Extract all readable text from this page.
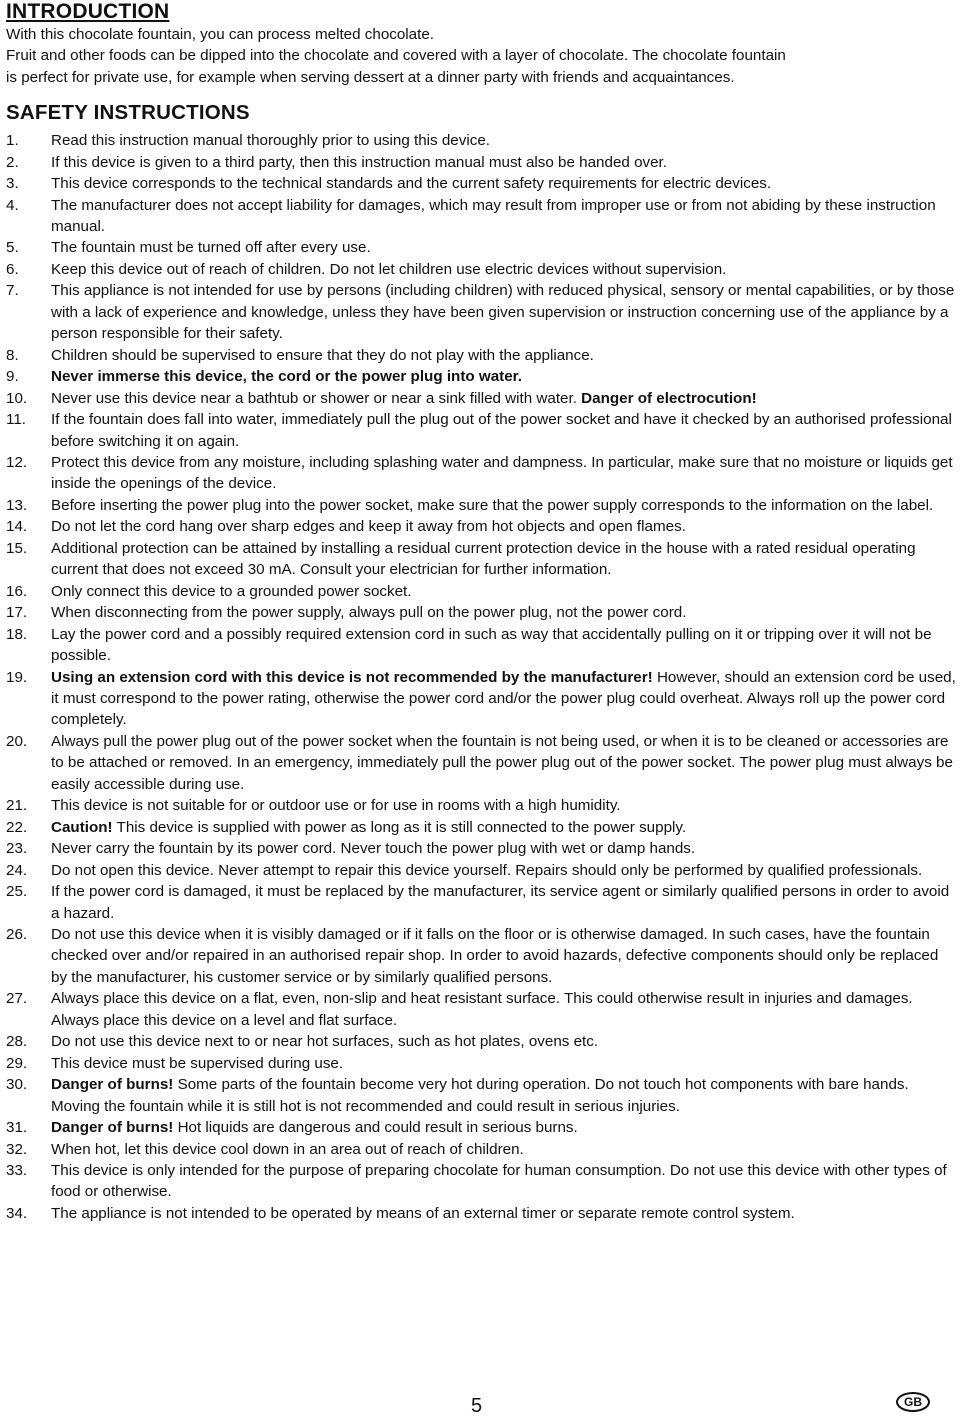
INTRODUCTION

With this chocolate fountain, you can process melted chocolate.

Fruit and other foods can be dipped into the chocolate and covered with a layer of chocolate. The chocolate fountain

is perfect for private use, for example when serving dessert at a dinner party with friends and acquaintances.

SAFETY INSTRUCTIONS
1.	Read this instruction manual thoroughly prior to using this device.
2.	If this device is given to a third party, then this instruction manual must also be handed over.
3.	This device corresponds to the technical standards and the current safety requirements for electric devices.
4.	The manufacturer does not accept liability for damages, which may result from improper use or from not abiding by these instruction manual.
5.	The fountain must be turned off after every use.
6.	Keep this device out of reach of children. Do not let children use electric devices without supervision.
7.	This appliance is not intended for use by persons (including children) with reduced physical, sensory or mental capabilities, or by those with a lack of experience and knowledge, unless they have been given supervision or instruction concerning use of the appliance by a person responsible for their safety.
8.	Children should be supervised to ensure that they do not play with the appliance.
9.	Never immerse this device, the cord or the power plug into water.
10.	Never use this device near a bathtub or shower or near a sink filled with water. Danger of electrocution!
11.	If the fountain does fall into water, immediately pull the plug out of the power socket and have it checked by an authorised professional before switching it on again.
12.	Protect this device from any moisture, including splashing water and dampness. In particular, make sure that no moisture or liquids get inside the openings of the device.
13.	Before inserting the power plug into the power socket, make sure that the power supply corresponds to the information on the label.
14.	Do not let the cord hang over sharp edges and keep it away from hot objects and open flames.
15.	Additional protection can be attained by installing a residual current protection device in the house with a rated residual operating current that does not exceed 30 mA. Consult your electrician for further information.
16.	Only connect this device to a grounded power socket.
17.	When disconnecting from the power supply, always pull on the power plug, not the power cord.
18.	Lay the power cord and a possibly required extension cord in such as way that accidentally pulling on it or tripping over it will not be possible.
19.	Using an extension cord with this device is not recommended by the manufacturer! However, should an extension cord be used, it must correspond to the power rating, otherwise the power cord and/or the power plug could overheat. Always roll up the power cord completely.
20.	Always pull the power plug out of the power socket when the fountain is not being used, or when it is to be cleaned or accessories are to be attached or removed. In an emergency, immediately pull the power plug out of the power socket. The power plug must always be easily accessible during use.
21.	This device is not suitable for or outdoor use or for use in rooms with a high humidity.
22.	Caution! This device is supplied with power as long as it is still connected to the power supply.
23.	Never carry the fountain by its power cord. Never touch the power plug with wet or damp hands.
24.	Do not open this device. Never attempt to repair this device yourself. Repairs should only be performed by qualified professionals.
25.	If the power cord is damaged, it must be replaced by the manufacturer, its service agent or similarly qualified persons in order to avoid a hazard.
26.	Do not use this device when it is visibly damaged or if it falls on the floor or is otherwise damaged. In such cases, have the fountain checked over and/or repaired in an authorised repair shop. In order to avoid hazards, defective components should only be replaced by the manufacturer, his customer service or by similarly qualified persons.
27.	Always place this device on a flat, even, non-slip and heat resistant surface. This could otherwise result in injuries and damages. Always place this device on a level and flat surface.
28.	Do not use this device next to or near hot surfaces, such as hot plates, ovens etc.
29.	This device must be supervised during use.
30.	Danger of burns! Some parts of the fountain become very hot during operation. Do not touch hot components with bare hands. Moving the fountain while it is still hot is not recommended and could result in serious injuries.
31.	Danger of burns! Hot liquids are dangerous and could result in serious burns.
32.	When hot, let this device cool down in an area out of reach of children.
33.	This device is only intended for the purpose of preparing chocolate for human consumption. Do not use this device with other types of food or otherwise.
34.	The appliance is not intended to be operated by means of an external timer or separate remote control system.
5	GB
